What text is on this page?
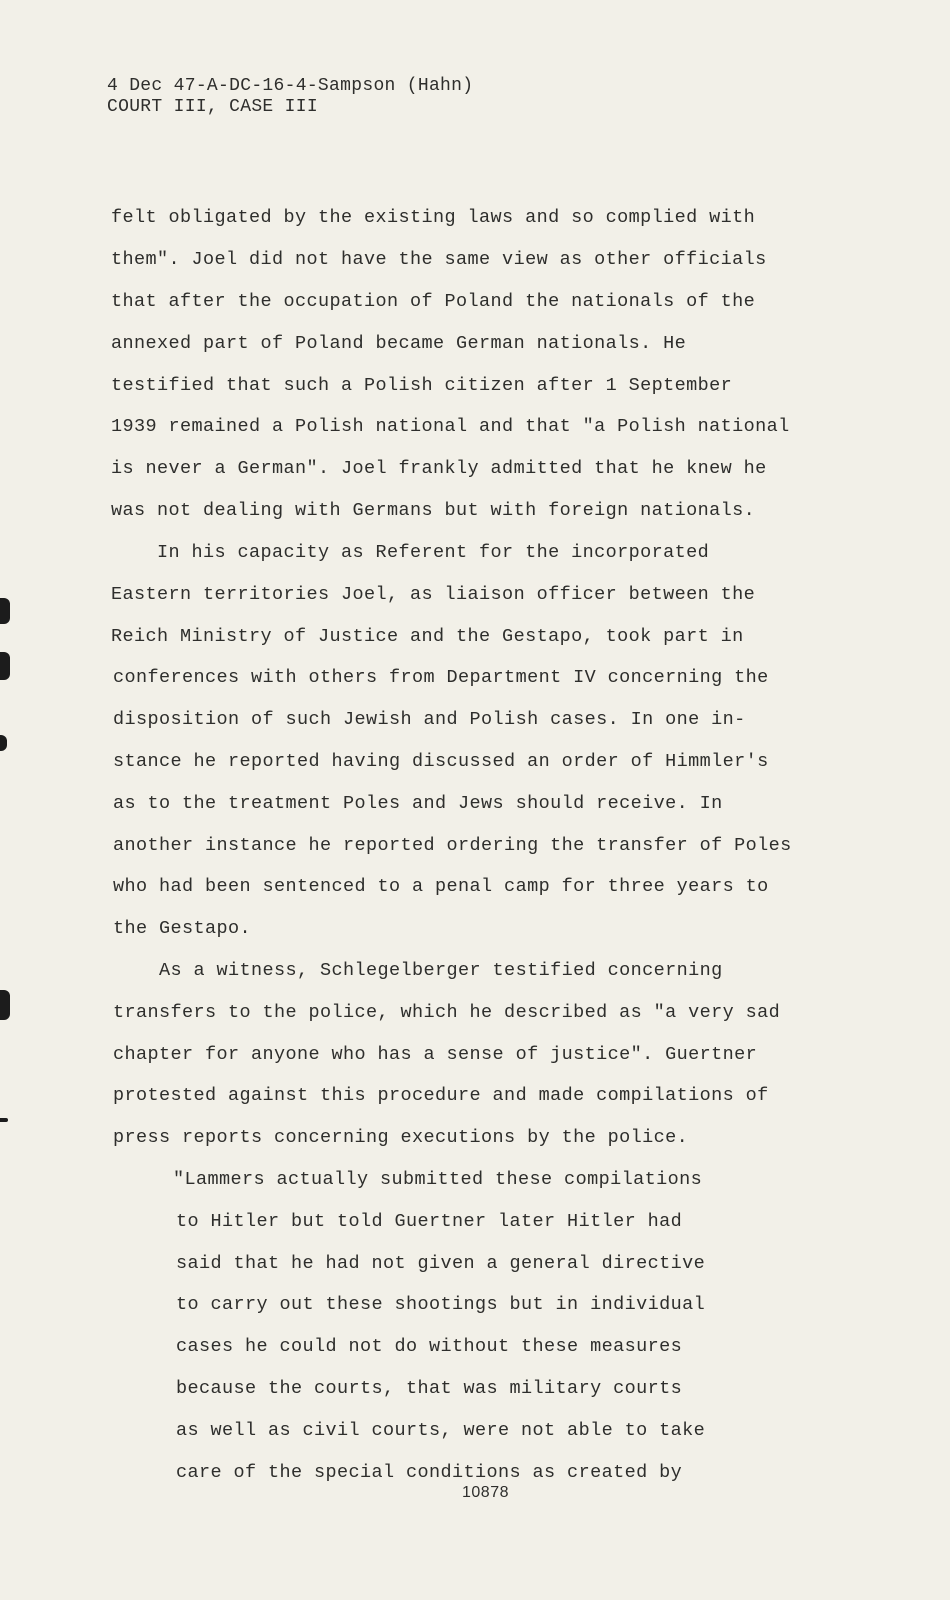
4 Dec 47-A-DC-16-4-Sampson (Hahn)
COURT III, CASE III
felt obligated by the existing laws and so complied with
them". Joel did not have the same view as other officials
that after the occupation of Poland the nationals of the
annexed part of Poland became German nationals. He
testified that such a Polish citizen after 1 September
1939 remained a Polish national and that "a Polish national
is never a German". Joel frankly admitted that he knew he
was not dealing with Germans but with foreign nationals.
In his capacity as Referent for the incorporated
Eastern territories Joel, as liaison officer between the
Reich Ministry of Justice and the Gestapo, took part in
conferences with others from Department IV concerning the
disposition of such Jewish and Polish cases. In one in-
stance he reported having discussed an order of Himmler's
as to the treatment Poles and Jews should receive. In
another instance he reported ordering the transfer of Poles
who had been sentenced to a penal camp for three years to
the Gestapo.
As a witness, Schlegelberger testified concerning
transfers to the police, which he described as "a very sad
chapter for anyone who has a sense of justice". Guertner
protested against this procedure and made compilations of
press reports concerning executions by the police.
"Lammers actually submitted these compilations
to Hitler but told Guertner later Hitler had
said that he had not given a general directive
to carry out these shootings but in individual
cases he could not do without these measures
because the courts, that was military courts
as well as civil courts, were not able to take
care of the special conditions as created by
10878
